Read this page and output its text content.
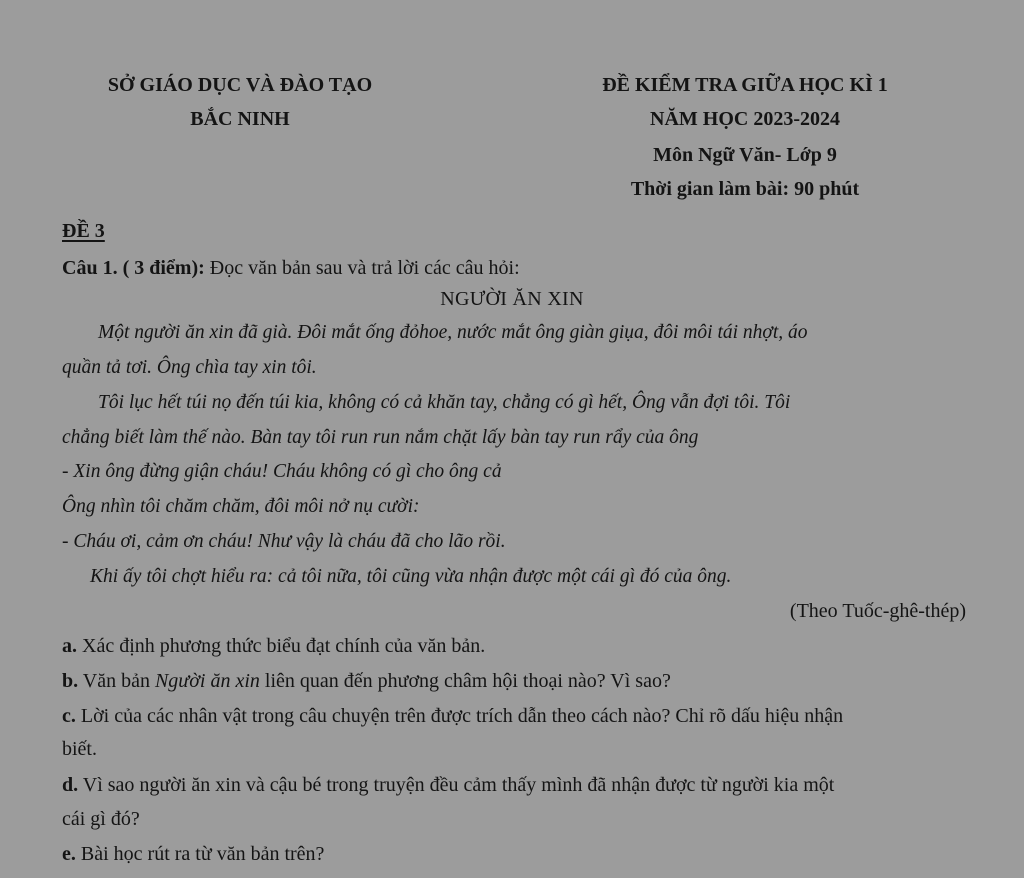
SỞ GIÁO DỤC VÀ ĐÀO TẠO
BẮC NINH
ĐỀ KIỂM TRA GIỮA HỌC KÌ 1
NĂM HỌC 2023-2024
Môn Ngữ Văn- Lớp 9
Thời gian làm bài: 90 phút
ĐỀ 3
Câu 1. ( 3 điểm): Đọc văn bản sau và trả lời các câu hỏi:
NGƯỜI ĂN XIN
Một người ăn xin đã già. Đôi mắt ống đỏhoe, nước mắt ông giàn giụa, đôi môi tái nhợt, áo
quần tả tơi. Ông chìa tay xin tôi.
Tôi lục hết túi nọ đến túi kia, không có cả khăn tay, chẳng có gì hết, Ông vẫn đợi tôi. Tôi
chẳng biết làm thế nào. Bàn tay tôi run run nắm chặt lấy bàn tay run rẩy của ông
- Xin ông đừng giận cháu! Cháu không có gì cho ông cả
Ông nhìn tôi chăm chăm, đôi môi nở nụ cười:
- Cháu ơi, cảm ơn cháu! Như vậy là cháu đã cho lão rồi.
Khi ấy tôi chợt hiểu ra: cả tôi nữa, tôi cũng vừa nhận được một cái gì đó của ông.
(Theo Tuốc-ghê-thép)
a. Xác định phương thức biểu đạt chính của văn bản.
b. Văn bản Người ăn xin liên quan đến phương châm hội thoại nào? Vì sao?
c. Lời của các nhân vật trong câu chuyện trên được trích dẫn theo cách nào? Chỉ rõ dấu hiệu nhận
biết.
d. Vì sao người ăn xin và cậu bé trong truyện đều cảm thấy mình đã nhận được từ người kia một
cái gì đó?
e. Bài học rút ra từ văn bản trên?
